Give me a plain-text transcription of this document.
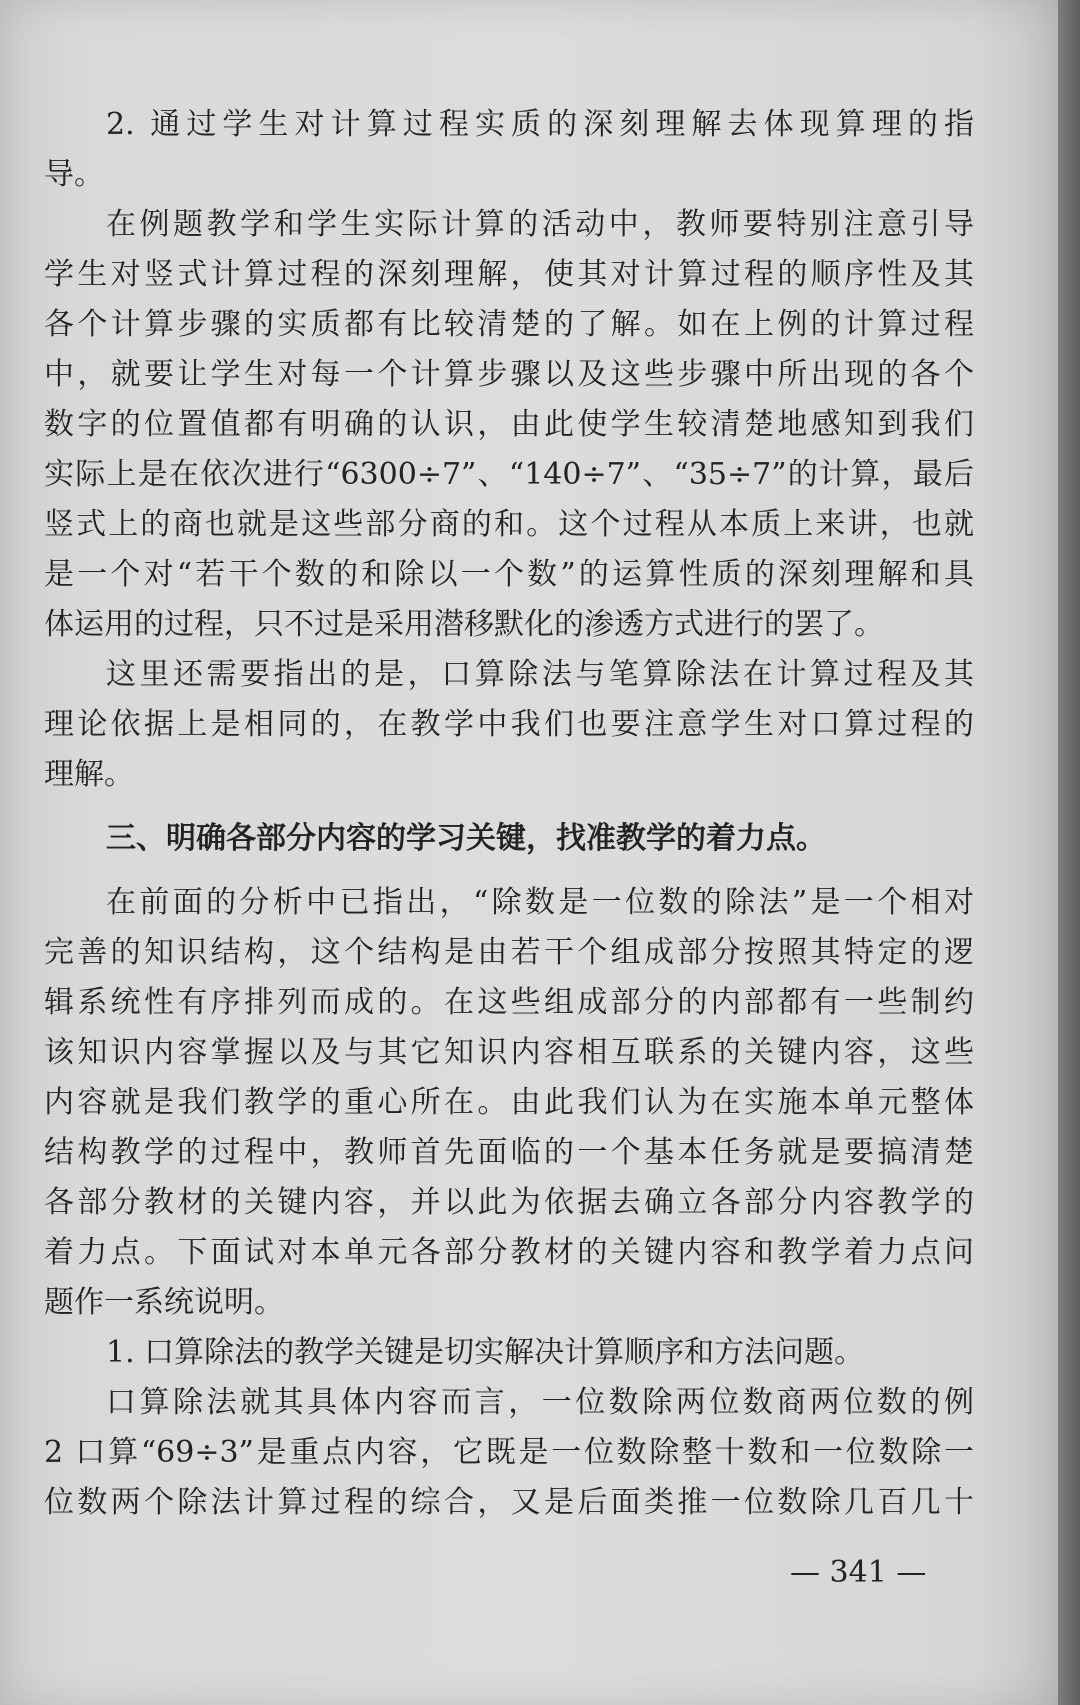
2. 通过学生对计算过程实质的深刻理解去体现算理的指
导。
在例题教学和学生实际计算的活动中，教师要特别注意引导
学生对竖式计算过程的深刻理解，使其对计算过程的顺序性及其
各个计算步骤的实质都有比较清楚的了解。如在上例的计算过程
中，就要让学生对每一个计算步骤以及这些步骤中所出现的各个
数字的位置值都有明确的认识，由此使学生较清楚地感知到我们
实际上是在依次进行“6300÷7”、“140÷7”、“35÷7”的计算，最后
竖式上的商也就是这些部分商的和。这个过程从本质上来讲，也就
是一个对“若干个数的和除以一个数”的运算性质的深刻理解和具
体运用的过程，只不过是采用潜移默化的渗透方式进行的罢了。
这里还需要指出的是，口算除法与笔算除法在计算过程及其
理论依据上是相同的，在教学中我们也要注意学生对口算过程的
理解。
三、明确各部分内容的学习关键，找准教学的着力点。
在前面的分析中已指出，“除数是一位数的除法”是一个相对
完善的知识结构，这个结构是由若干个组成部分按照其特定的逻
辑系统性有序排列而成的。在这些组成部分的内部都有一些制约
该知识内容掌握以及与其它知识内容相互联系的关键内容，这些
内容就是我们教学的重心所在。由此我们认为在实施本单元整体
结构教学的过程中，教师首先面临的一个基本任务就是要搞清楚
各部分教材的关键内容，并以此为依据去确立各部分内容教学的
着力点。下面试对本单元各部分教材的关键内容和教学着力点问
题作一系统说明。
1. 口算除法的教学关键是切实解决计算顺序和方法问题。
口算除法就其具体内容而言，一位数除两位数商两位数的例
2 口算“69÷3”是重点内容，它既是一位数除整十数和一位数除一
位数两个除法计算过程的综合，又是后面类推一位数除几百几十
— 341 —
